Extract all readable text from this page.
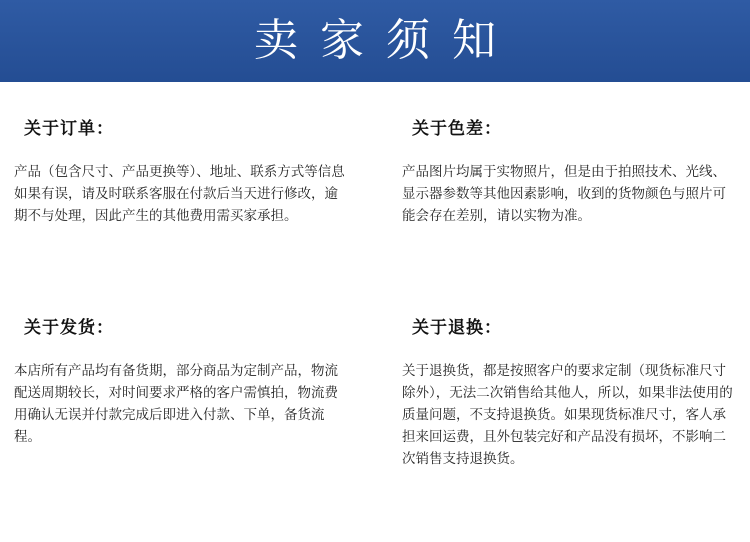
卖家须知
关于订单：
产品（包含尺寸、产品更换等）、地址、联系方式等信息如果有误，请及时联系客服在付款后当天进行修改，逾期不与处理，因此产生的其他费用需买家承担。
关于色差：
产品图片均属于实物照片，但是由于拍照技术、光线、显示器参数等其他因素影响，收到的货物颜色与照片可能会存在差别，请以实物为准。
关于发货：
本店所有产品均有备货期，部分商品为定制产品，物流配送周期较长，对时间要求严格的客户需慎拍，物流费用确认无误并付款完成后即进入付款、下单，备货流程。
关于退换：
关于退换货，都是按照客户的要求定制（现货标准尺寸除外），无法二次销售给其他人，所以，如果非法使用的质量问题，不支持退换货。如果现货标准尺寸，客人承担来回运费，且外包装完好和产品没有损坏，不影响二次销售支持退换货。
